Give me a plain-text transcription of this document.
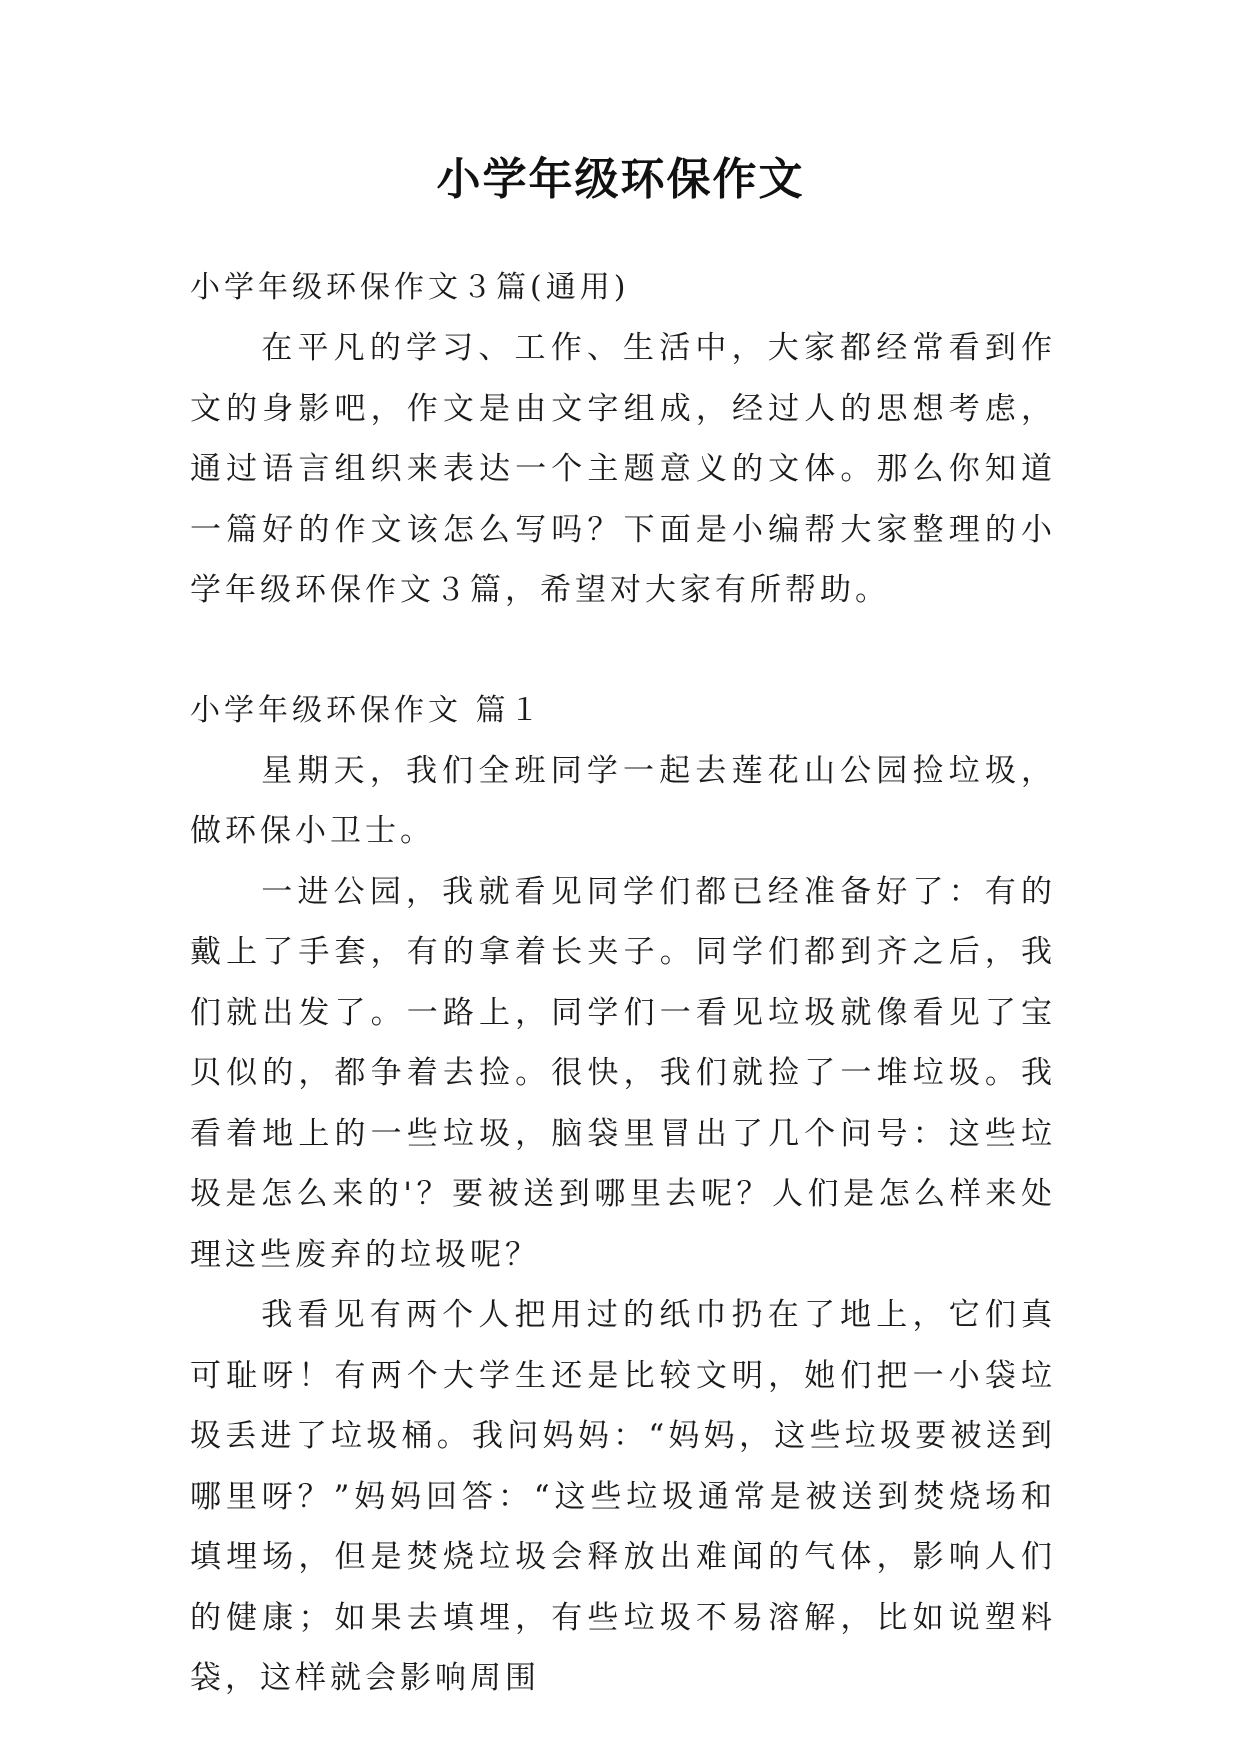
小学年级环保作文

小学年级环保作文３篇(通用)

在平凡的学习、工作、生活中，大家都经常看到作文的身影吧，作文是由文字组成，经过人的思想考虑，通过语言组织来表达一个主题意义的文体。那么你知道一篇好的作文该怎么写吗？下面是小编帮大家整理的小学年级环保作文３篇，希望对大家有所帮助。

小学年级环保作文 篇１

星期天，我们全班同学一起去莲花山公园捡垃圾，做环保小卫士。

一进公园，我就看见同学们都已经准备好了：有的戴上了手套，有的拿着长夹子。同学们都到齐之后，我们就出发了。一路上，同学们一看见垃圾就像看见了宝贝似的，都争着去捡。很快，我们就捡了一堆垃圾。我看着地上的一些垃圾，脑袋里冒出了几个问号：这些垃圾是怎么来的'？要被送到哪里去呢？人们是怎么样来处理这些废弃的垃圾呢？

我看见有两个人把用过的纸巾扔在了地上，它们真可耻呀！有两个大学生还是比较文明，她们把一小袋垃圾丢进了垃圾桶。我问妈妈：“妈妈，这些垃圾要被送到哪里呀？”妈妈回答：“这些垃圾通常是被送到焚烧场和填埋场，但是焚烧垃圾会释放出难闻的气体，影响人们的健康；如果去填埋，有些垃圾不易溶解，比如说塑料袋，这样就会影响周围
